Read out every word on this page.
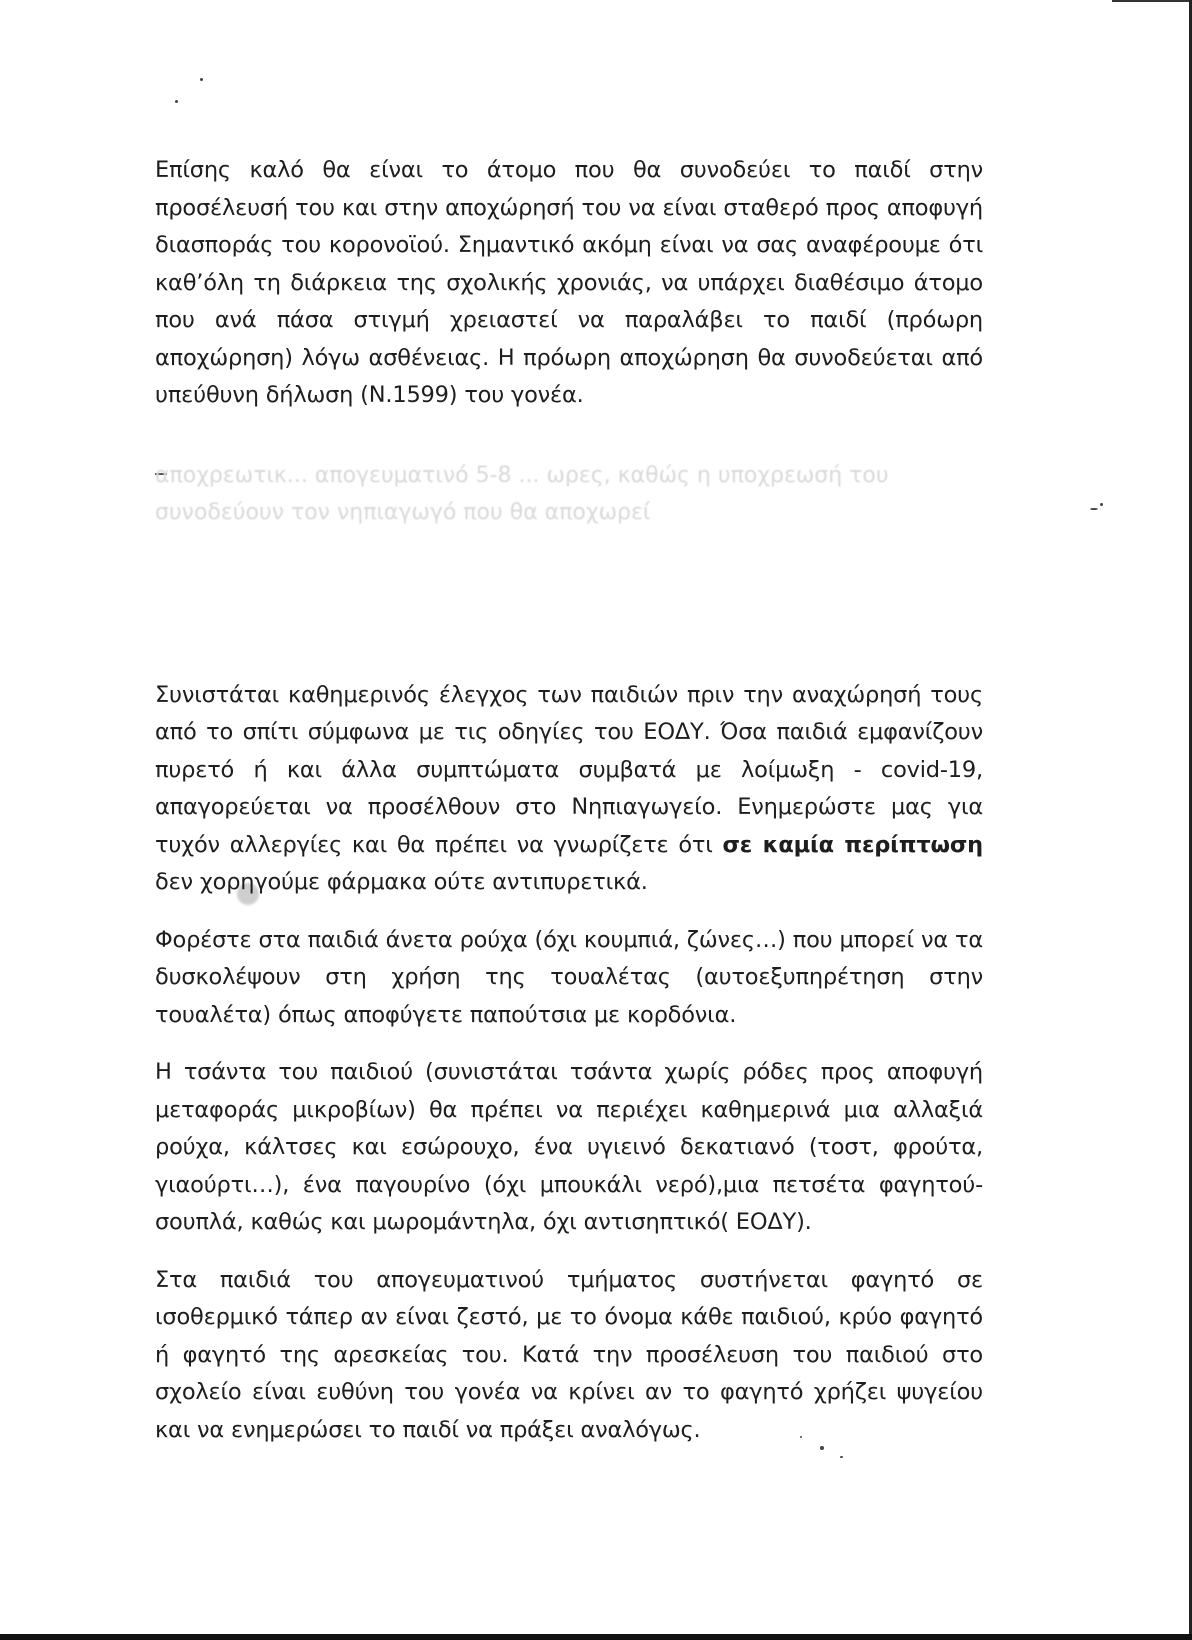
Επίσης καλό θα είναι το άτομο που θα συνοδεύει το παιδί στην προσέλευσή του και στην αποχώρησή του να είναι σταθερό προς αποφυγή διασποράς του κορονοϊού. Σημαντικό ακόμη είναι να σας αναφέρουμε ότι καθ’όλη τη διάρκεια της σχολικής χρονιάς, να υπάρχει διαθέσιμο άτομο που ανά πάσα στιγμή χρειαστεί να παραλάβει το παιδί (πρόωρη αποχώρηση) λόγω ασθένειας. Η πρόωρη αποχώρηση θα συνοδεύεται από υπεύθυνη δήλωση (Ν.1599) του γονέα.

αποχρεωτικ... απογευματινό 5-8 ... ωρες, καθώς η υποχρεωσή του
συνοδεύουν τον νηπιαγωγό που θα αποχωρεί

Συνιστάται καθημερινός έλεγχος των παιδιών πριν την αναχώρησή τους από το σπίτι σύμφωνα με τις οδηγίες του ΕΟΔΥ. Όσα παιδιά εμφανίζουν πυρετό ή και άλλα συμπτώματα συμβατά με λοίμωξη - covid-19, απαγορεύεται να προσέλθουν στο Νηπιαγωγείο. Ενημερώστε μας για τυχόν αλλεργίες και θα πρέπει να γνωρίζετε ότι σε καμία περίπτωση δεν χορηγούμε φάρμακα ούτε αντιπυρετικά.

Φορέστε στα παιδιά άνετα ρούχα (όχι κουμπιά, ζώνες…) που μπορεί να τα δυσκολέψουν στη χρήση της τουαλέτας (αυτοεξυπηρέτηση στην τουαλέτα) όπως αποφύγετε παπούτσια με κορδόνια.

Η τσάντα του παιδιού (συνιστάται τσάντα χωρίς ρόδες προς αποφυγή μεταφοράς μικροβίων) θα πρέπει να περιέχει καθημερινά μια αλλαξιά ρούχα, κάλτσες και εσώρουχο, ένα υγιεινό δεκατιανό (τοστ, φρούτα, γιαούρτι…), ένα παγουρίνο (όχι μπουκάλι νερό),μια πετσέτα φαγητού-σουπλά, καθώς και μωρομάντηλα, όχι αντισηπτικό( ΕΟΔΥ).

Στα παιδιά του απογευματινού τμήματος συστήνεται φαγητό σε ισοθερμικό τάπερ αν είναι ζεστό, με το όνομα κάθε παιδιού, κρύο φαγητό ή φαγητό της αρεσκείας του. Κατά την προσέλευση του παιδιού στο σχολείο είναι ευθύνη του γονέα να κρίνει αν το φαγητό χρήζει ψυγείου και να ενημερώσει το παιδί να πράξει αναλόγως.
